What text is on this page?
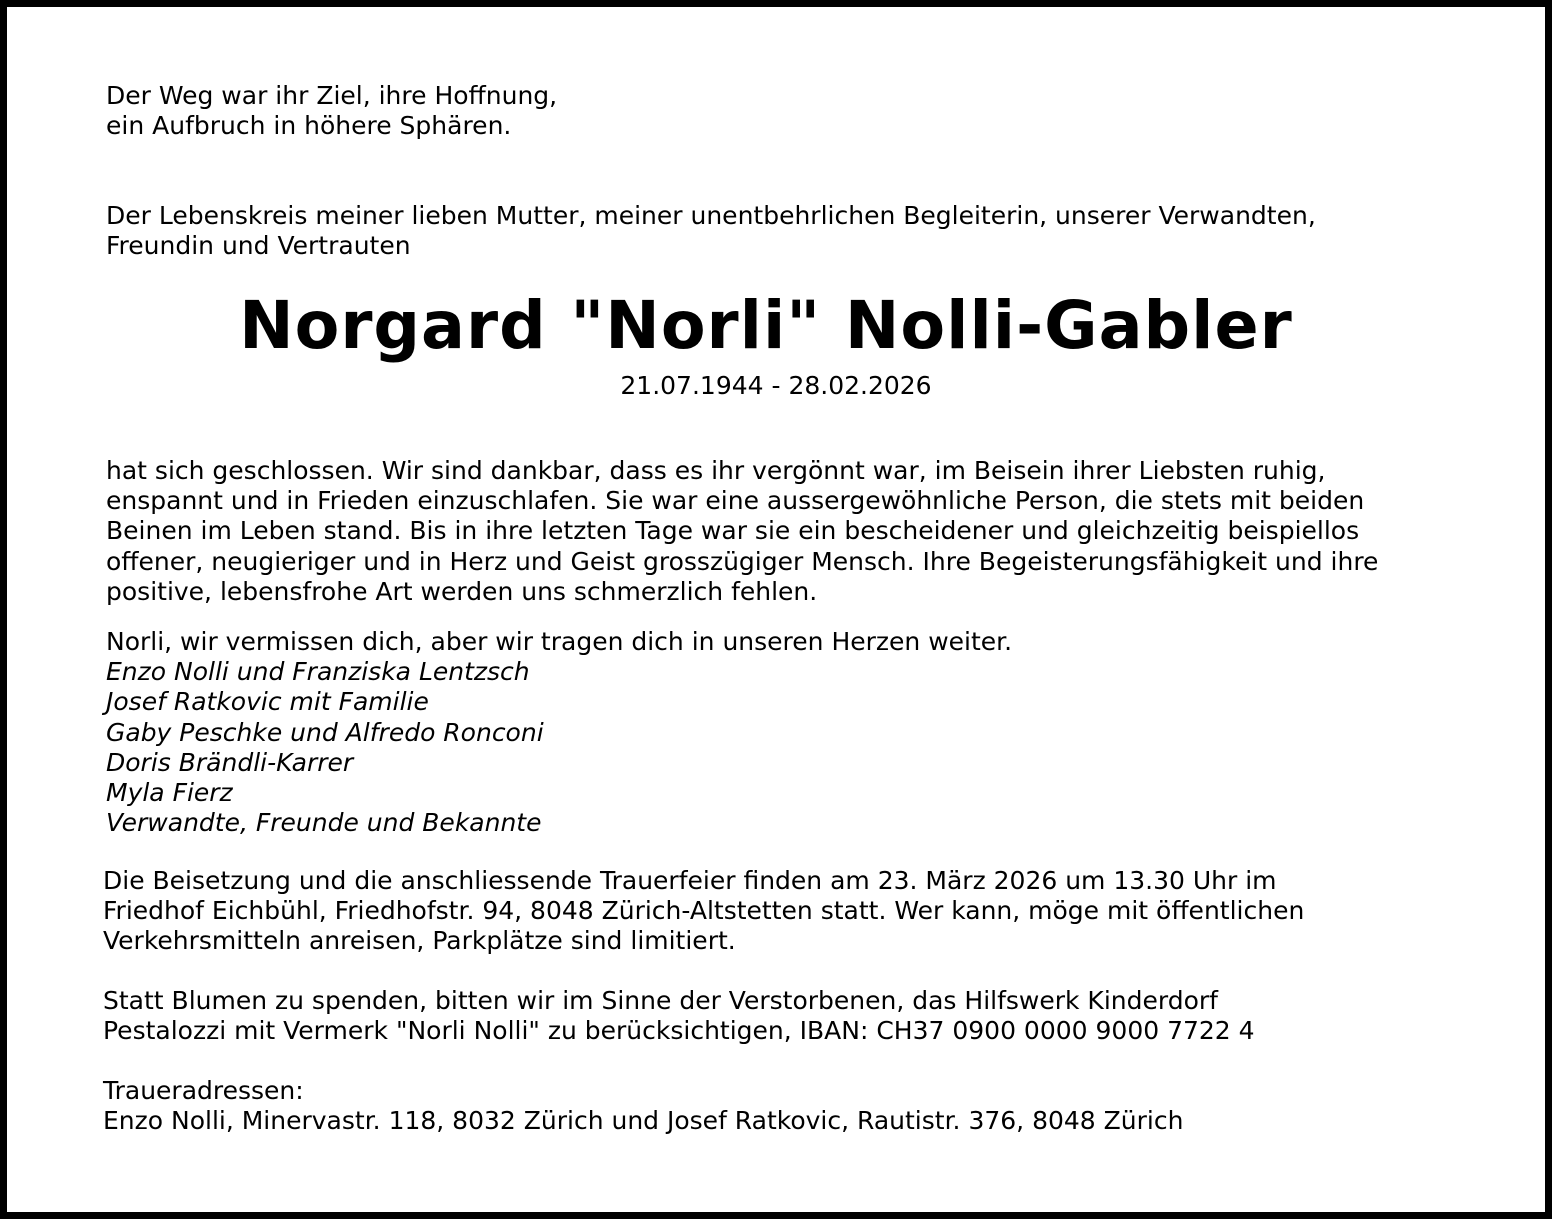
Der Weg war ihr Ziel, ihre Hoffnung,
ein Aufbruch in höhere Sphären.

Der Lebenskreis meiner lieben Mutter, meiner unentbehrlichen Begleiterin, unserer Verwandten,
Freundin und Vertrauten

Norgard "Norli" Nolli-Gabler

21.07.1944 - 28.02.2026

hat sich geschlossen. Wir sind dankbar, dass es ihr vergönnt war, im Beisein ihrer Liebsten ruhig,
enspannt und in Frieden einzuschlafen. Sie war eine aussergewöhnliche Person, die stets mit beiden
Beinen im Leben stand. Bis in ihre letzten Tage war sie ein bescheidener und gleichzeitig beispiellos
offener, neugieriger und in Herz und Geist grosszügiger Mensch. Ihre Begeisterungsfähigkeit und ihre
positive, lebensfrohe Art werden uns schmerzlich fehlen.

Norli, wir vermissen dich, aber wir tragen dich in unseren Herzen weiter.
Enzo Nolli und Franziska Lentzsch
Josef Ratkovic mit Familie
Gaby Peschke und Alfredo Ronconi
Doris Brändli-Karrer
Myla Fierz
Verwandte, Freunde und Bekannte

Die Beisetzung und die anschliessende Trauerfeier finden am 23. März 2026 um 13.30 Uhr im
Friedhof Eichbühl, Friedhofstr. 94, 8048 Zürich-Altstetten statt. Wer kann, möge mit öffentlichen
Verkehrsmitteln anreisen, Parkplätze sind limitiert.

Statt Blumen zu spenden, bitten wir im Sinne der Verstorbenen, das Hilfswerk Kinderdorf
Pestalozzi mit Vermerk "Norli Nolli" zu berücksichtigen, IBAN: CH37 0900 0000 9000 7722 4

Traueradressen:
Enzo Nolli, Minervastr. 118, 8032 Zürich und Josef Ratkovic, Rautistr. 376, 8048 Zürich
